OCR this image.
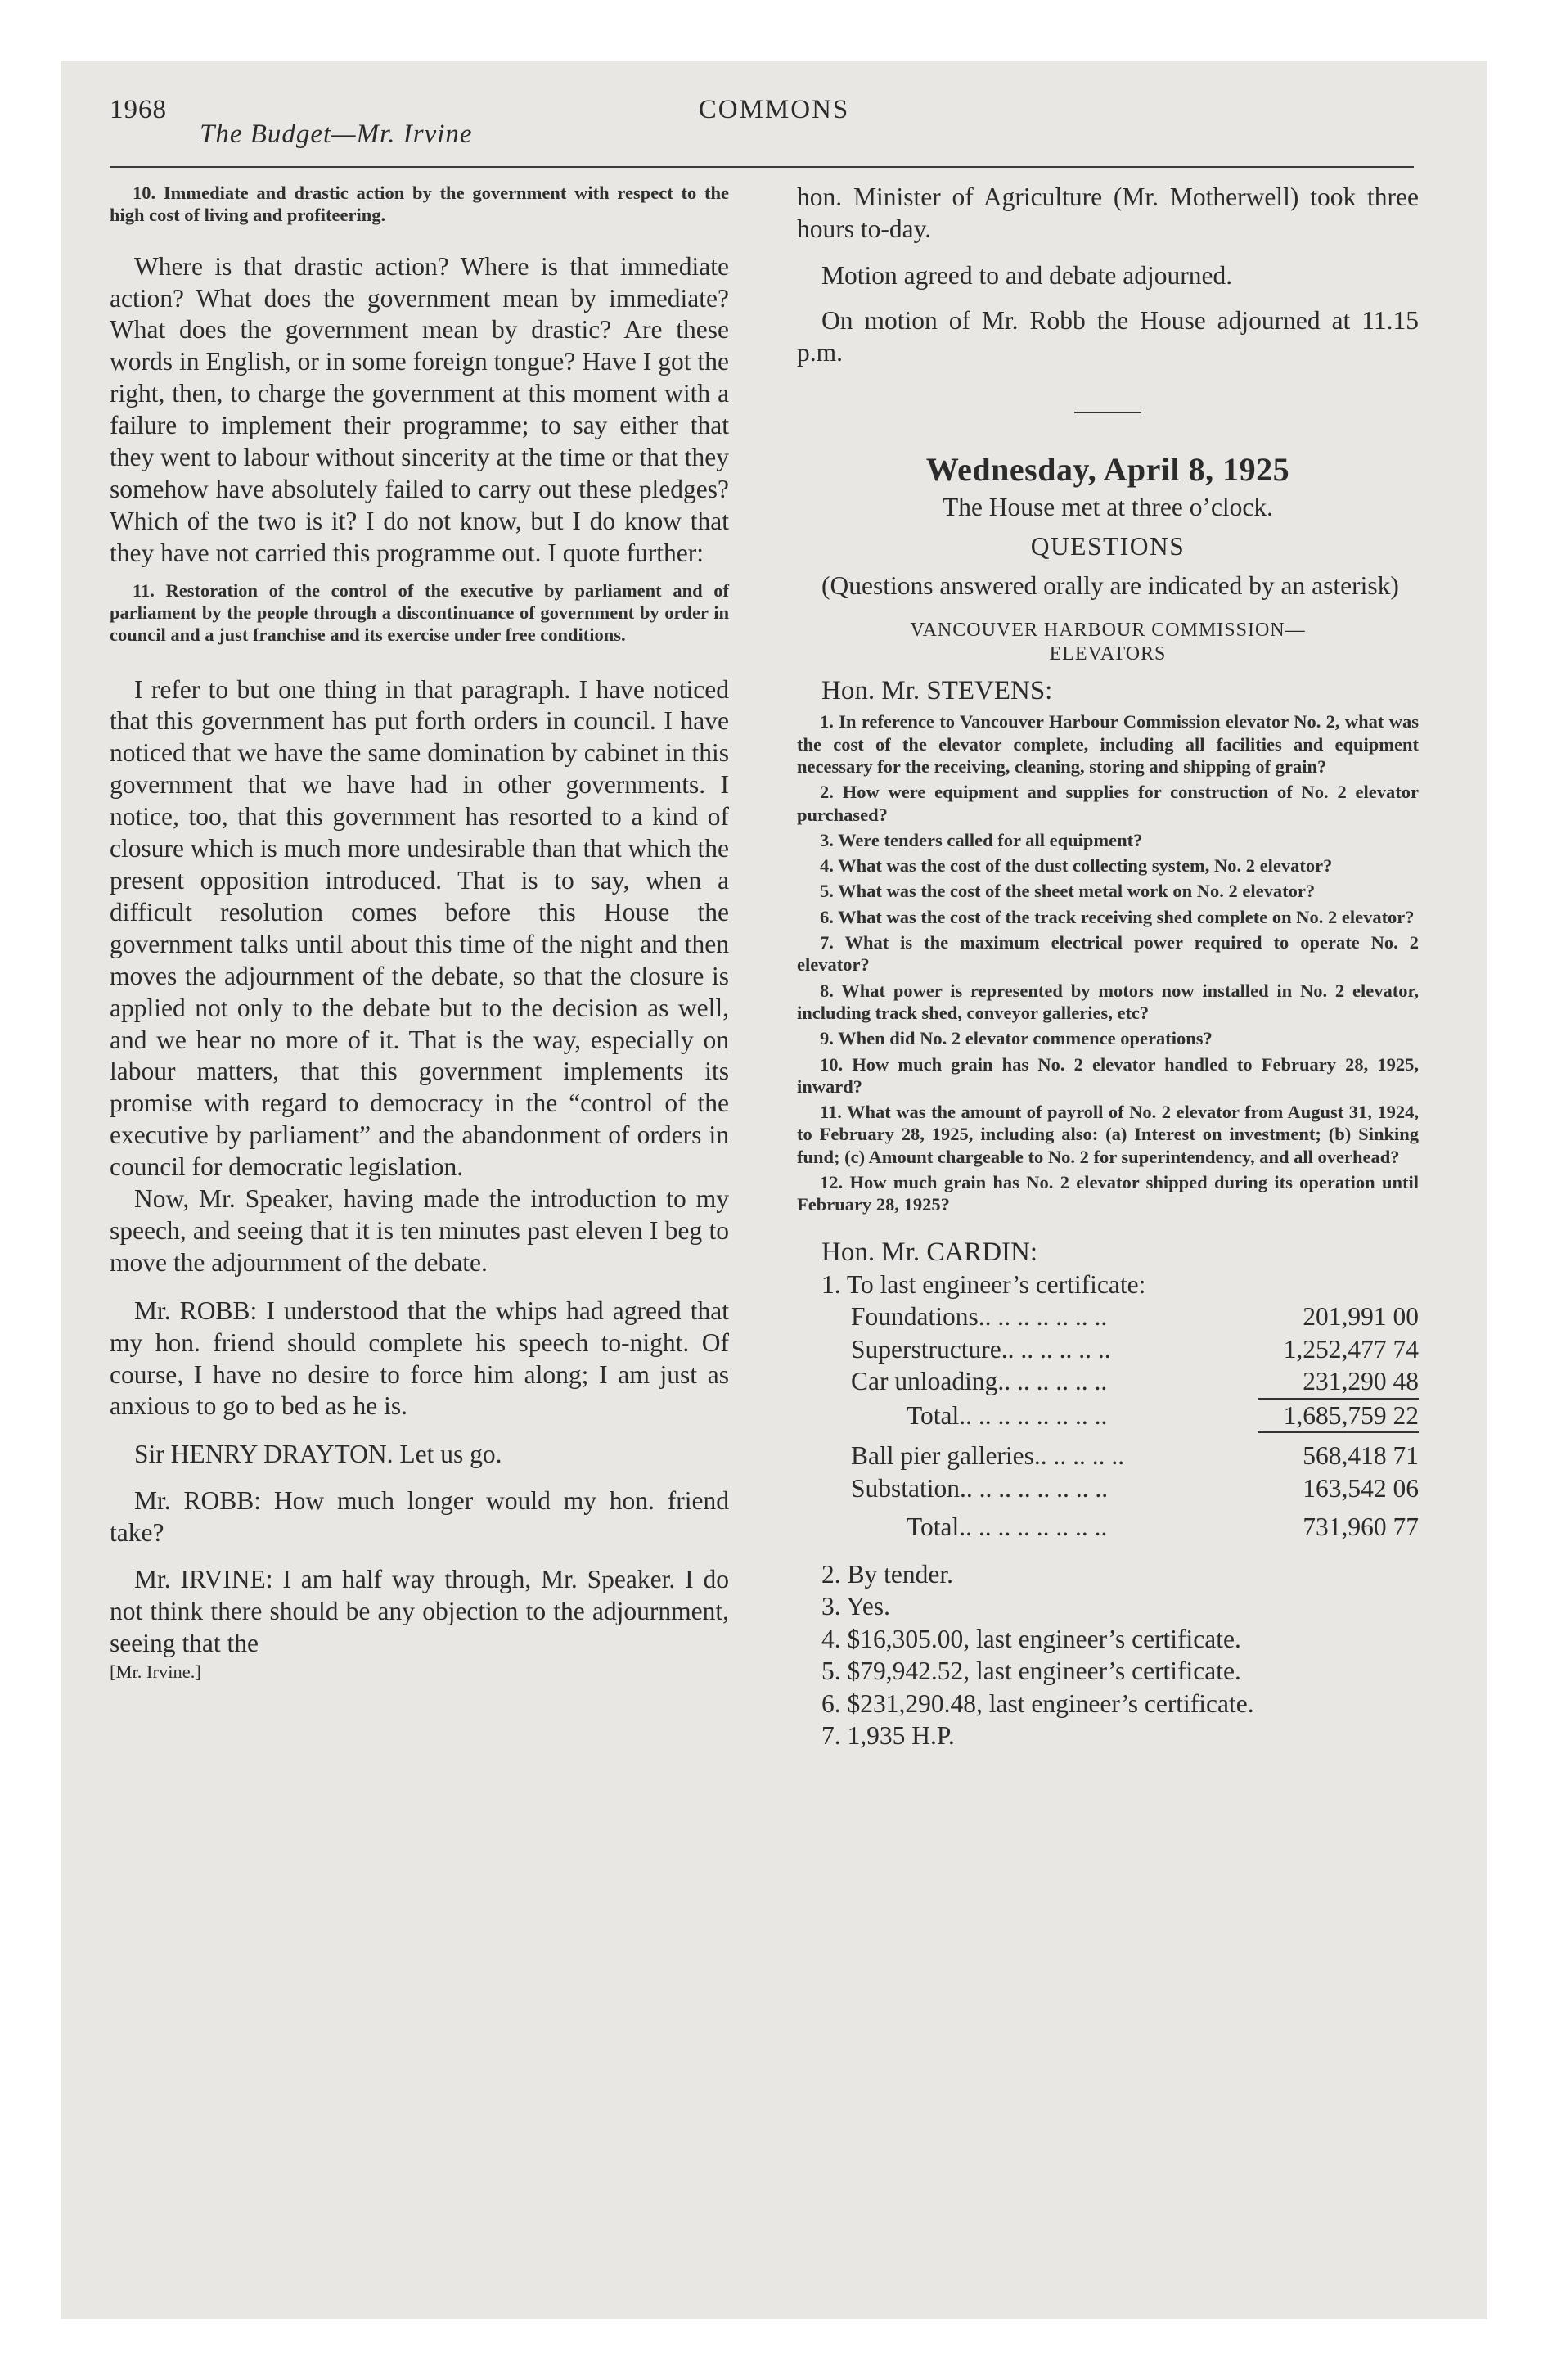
1968	COMMONS
The Budget—Mr. Irvine

10. Immediate and drastic action by the government with respect to the high cost of living and profiteering.

Where is that drastic action? Where is that immediate action? What does the government mean by immediate? What does the government mean by drastic? Are these words in English, or in some foreign tongue? Have I got the right, then, to charge the government at this moment with a failure to implement their programme; to say either that they went to labour without sincerity at the time or that they somehow have absolutely failed to carry out these pledges? Which of the two is it? I do not know, but I do know that they have not carried this programme out. I quote further:

11. Restoration of the control of the executive by parliament and of parliament by the people through a discontinuance of government by order in council and a just franchise and its exercise under free conditions.

I refer to but one thing in that paragraph. I have noticed that this government has put forth orders in council. I have noticed that we have the same domination by cabinet in this government that we have had in other governments. I notice, too, that this government has resorted to a kind of closure which is much more undesirable than that which the present opposition introduced. That is to say, when a difficult resolution comes before this House the government talks until about this time of the night and then moves the adjournment of the debate, so that the closure is applied not only to the debate but to the decision as well, and we hear no more of it. That is the way, especially on labour matters, that this government implements its promise with regard to democracy in the “control of the executive by parliament” and the abandonment of orders in council for democratic legislation.

Now, Mr. Speaker, having made the introduction to my speech, and seeing that it is ten minutes past eleven I beg to move the adjournment of the debate.

Mr. ROBB: I understood that the whips had agreed that my hon. friend should complete his speech to-night. Of course, I have no desire to force him along; I am just as anxious to go to bed as he is.

Sir HENRY DRAYTON. Let us go.

Mr. ROBB: How much longer would my hon. friend take?

Mr. IRVINE: I am half way through, Mr. Speaker. I do not think there should be any objection to the adjournment, seeing that the

[Mr. Irvine.]

hon. Minister of Agriculture (Mr. Motherwell) took three hours to-day.

Motion agreed to and debate adjourned.

On motion of Mr. Robb the House adjourned at 11.15 p.m.

Wednesday, April 8, 1925

The House met at three o’clock.

QUESTIONS

(Questions answered orally are indicated by an asterisk)

VANCOUVER HARBOUR COMMISSION—

ELEVATORS

Hon. Mr. STEVENS:

1. In reference to Vancouver Harbour Commission elevator No. 2, what was the cost of the elevator complete, including all facilities and equipment necessary for the receiving, cleaning, storing and shipping of grain?

2. How were equipment and supplies for construction of No. 2 elevator purchased?

3. Were tenders called for all equipment?

4. What was the cost of the dust collecting system, No. 2 elevator?

5. What was the cost of the sheet metal work on No. 2 elevator?

6. What was the cost of the track receiving shed complete on No. 2 elevator?

7. What is the maximum electrical power required to operate No. 2 elevator?

8. What power is represented by motors now installed in No. 2 elevator, including track shed, conveyor galleries, etc?

9. When did No. 2 elevator commence operations?

10. How much grain has No. 2 elevator handled to February 28, 1925, inward?

11. What was the amount of payroll of No. 2 elevator from August 31, 1924, to February 28, 1925, including also: (a) Interest on investment; (b) Sinking fund; (c) Amount chargeable to No. 2 for superintendency, and all overhead?

12. How much grain has No. 2 elevator shipped during its operation until February 28, 1925?

Hon. Mr. CARDIN:

1. To last engineer’s certificate:

Foundations.. .. .. .. .. .. ..	201,991 00
Superstructure.. .. .. .. .. ..	1,252,477 74
Car unloading.. .. .. .. .. ..	231,290 48
Total.. .. .. .. .. .. .. ..	1,685,759 22
Ball pier galleries.. .. .. .. ..	568,418 71
Substation.. .. .. .. .. .. .. ..	163,542 06
Total.. .. .. .. .. .. .. ..	731,960 77

2. By tender.

3. Yes.

4. $16,305.00, last engineer’s certificate.

5. $79,942.52, last engineer’s certificate.

6. $231,290.48, last engineer’s certificate.

7. 1,935 H.P.
